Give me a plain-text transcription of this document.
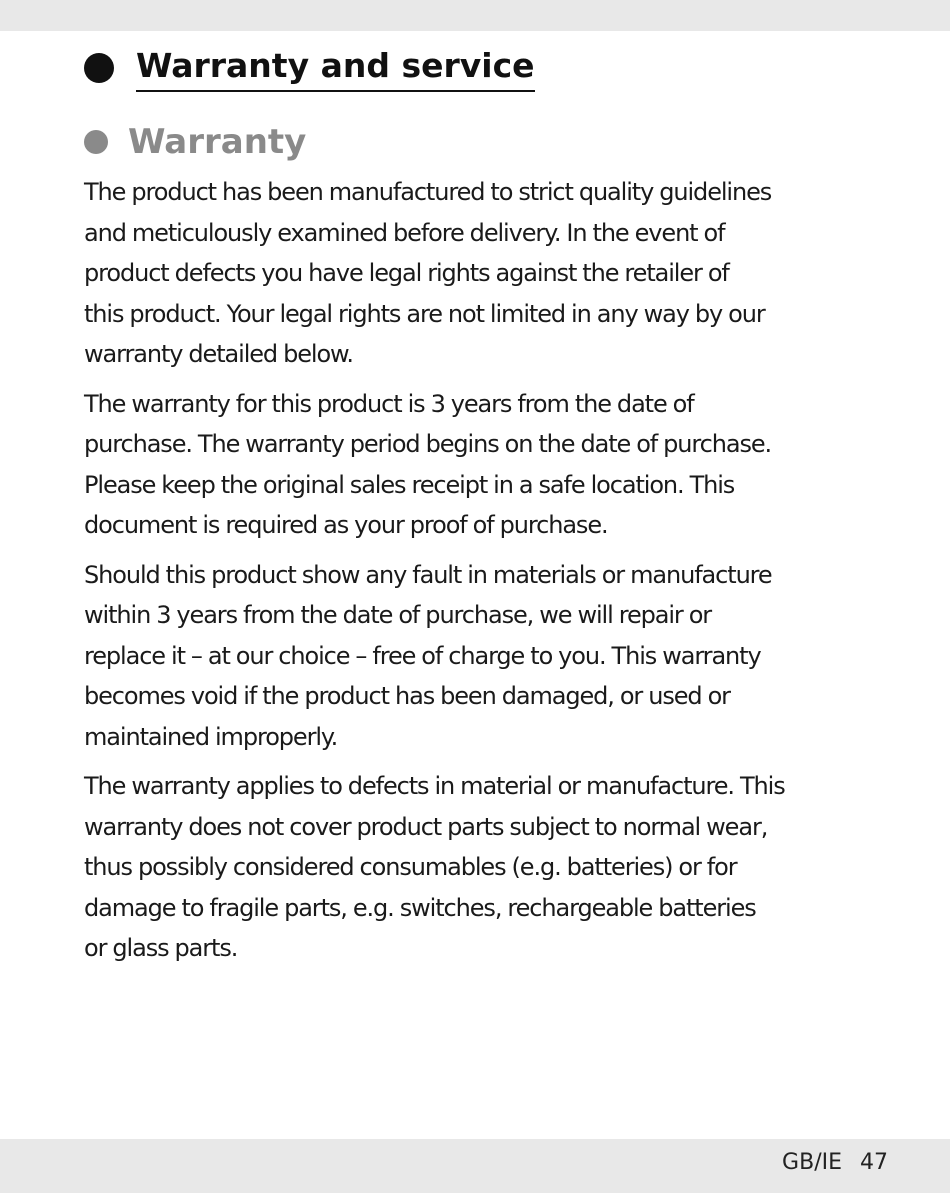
Warranty and service
Warranty

The product has been manufactured to strict quality guidelines
and meticulously examined before delivery. In the event of
product defects you have legal rights against the retailer of
this product. Your legal rights are not limited in any way by our
warranty detailed below.

The warranty for this product is 3 years from the date of
purchase. The warranty period begins on the date of purchase.
Please keep the original sales receipt in a safe location. This
document is required as your proof of purchase.

Should this product show any fault in materials or manufacture
within 3 years from the date of purchase, we will repair or
replace it – at our choice – free of charge to you. This warranty
becomes void if the product has been damaged, or used or
maintained improperly.

The warranty applies to defects in material or manufacture. This
warranty does not cover product parts subject to normal wear,
thus possibly considered consumables (e.g. batteries) or for
damage to fragile parts, e.g. switches, rechargeable batteries
or glass parts.

GB/IE 47
